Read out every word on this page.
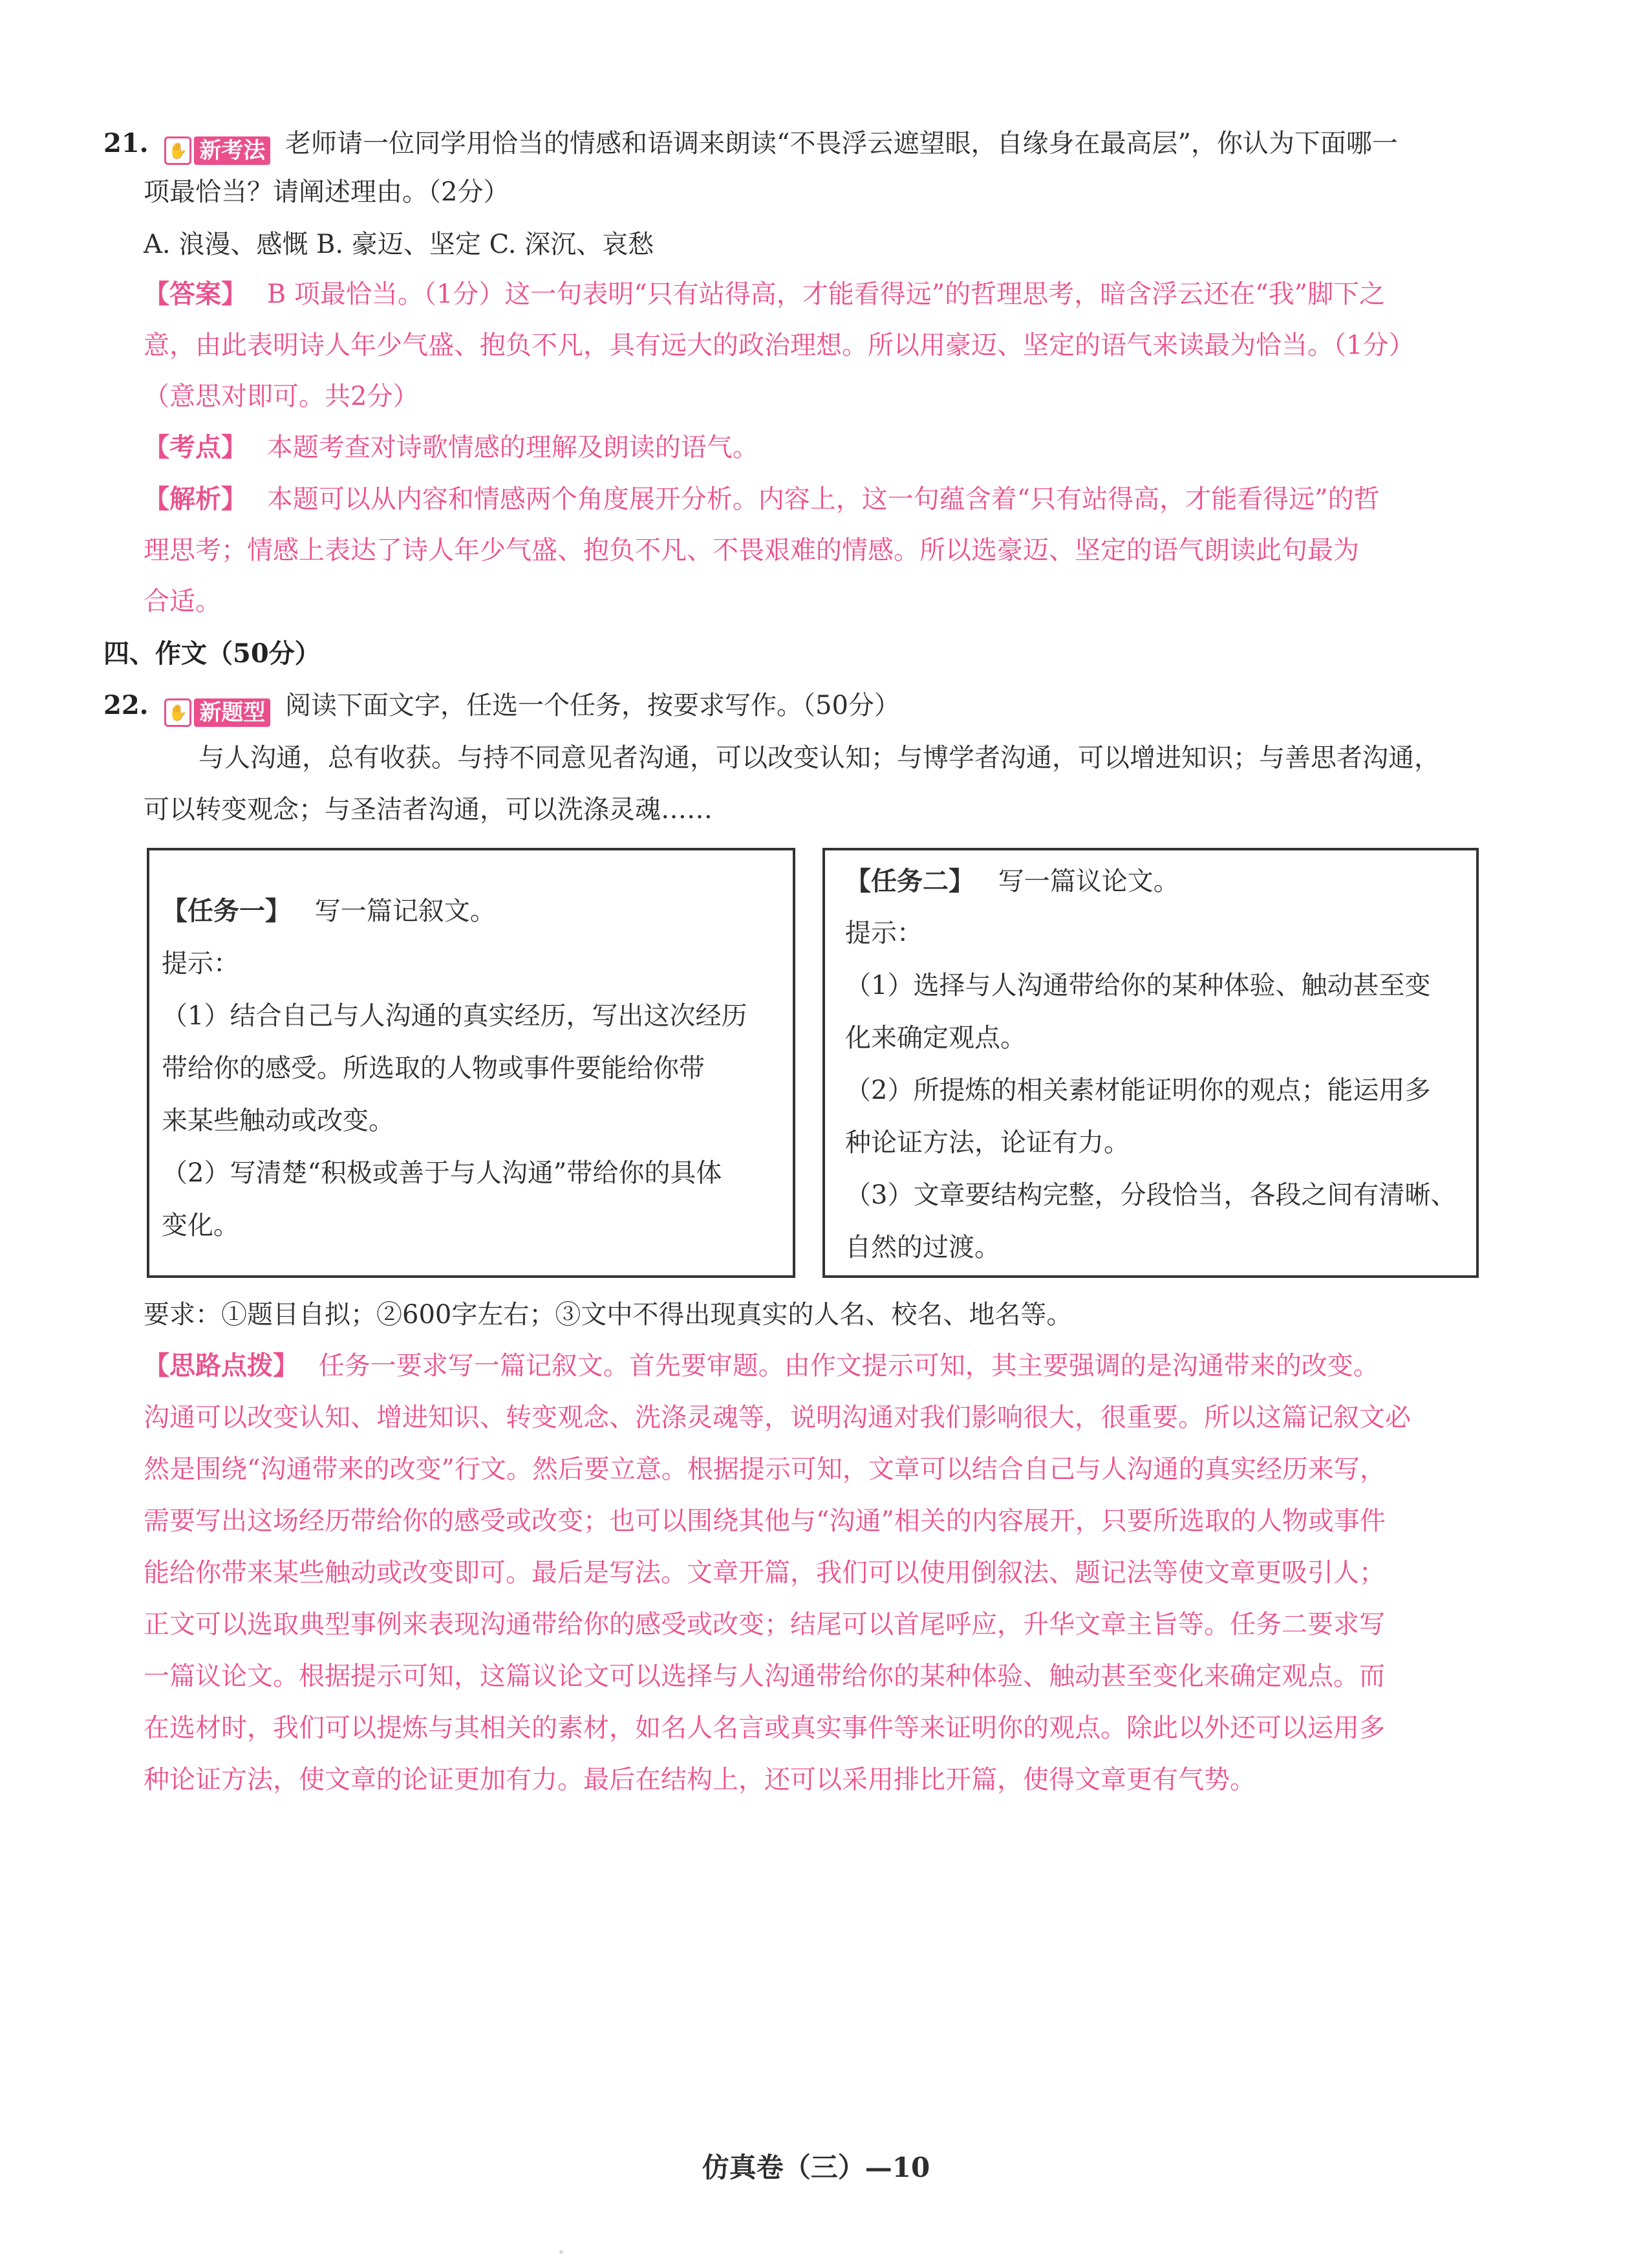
21. ✋ 新考法 老师请一位同学用恰当的情感和语调来朗读“不畏浮云遮望眼，自缘身在最高层”，你认为下面哪一
项最恰当？请阐述理由。（2分）
A. 浪漫、感慨 B. 豪迈、坚定 C. 深沉、哀愁
【答案】 B 项最恰当。（1分）这一句表明“只有站得高，才能看得远”的哲理思考，暗含浮云还在“我”脚下之
意，由此表明诗人年少气盛、抱负不凡，具有远大的政治理想。所以用豪迈、坚定的语气来读最为恰当。（1分）
（意思对即可。共2分）
【考点】 本题考查对诗歌情感的理解及朗读的语气。
【解析】 本题可以从内容和情感两个角度展开分析。内容上，这一句蕴含着“只有站得高，才能看得远”的哲
理思考；情感上表达了诗人年少气盛、抱负不凡、不畏艰难的情感。所以选豪迈、坚定的语气朗读此句最为
合适。
四、作文（50分）
22. ✋ 新题型 阅读下面文字，任选一个任务，按要求写作。（50分）
与人沟通，总有收获。与持不同意见者沟通，可以改变认知；与博学者沟通，可以增进知识；与善思者沟通，
可以转变观念；与圣洁者沟通，可以洗涤灵魂……
【任务一】 写一篇记叙文。
提示：
（1）结合自己与人沟通的真实经历，写出这次经历
带给你的感受。所选取的人物或事件要能给你带
来某些触动或改变。
（2）写清楚“积极或善于与人沟通”带给你的具体
变化。
【任务二】 写一篇议论文。
提示：
（1）选择与人沟通带给你的某种体验、触动甚至变
化来确定观点。
（2）所提炼的相关素材能证明你的观点；能运用多
种论证方法，论证有力。
（3）文章要结构完整，分段恰当，各段之间有清晰、
自然的过渡。
要求：①题目自拟；②600字左右；③文中不得出现真实的人名、校名、地名等。
【思路点拨】 任务一要求写一篇记叙文。首先要审题。由作文提示可知，其主要强调的是沟通带来的改变。
沟通可以改变认知、增进知识、转变观念、洗涤灵魂等，说明沟通对我们影响很大，很重要。所以这篇记叙文必
然是围绕“沟通带来的改变”行文。然后要立意。根据提示可知，文章可以结合自己与人沟通的真实经历来写，
需要写出这场经历带给你的感受或改变；也可以围绕其他与“沟通”相关的内容展开，只要所选取的人物或事件
能给你带来某些触动或改变即可。最后是写法。文章开篇，我们可以使用倒叙法、题记法等使文章更吸引人；
正文可以选取典型事例来表现沟通带给你的感受或改变；结尾可以首尾呼应，升华文章主旨等。任务二要求写
一篇议论文。根据提示可知，这篇议论文可以选择与人沟通带给你的某种体验、触动甚至变化来确定观点。而
在选材时，我们可以提炼与其相关的素材，如名人名言或真实事件等来证明你的观点。除此以外还可以运用多
种论证方法，使文章的论证更加有力。最后在结构上，还可以采用排比开篇，使得文章更有气势。
仿真卷（三）—10
